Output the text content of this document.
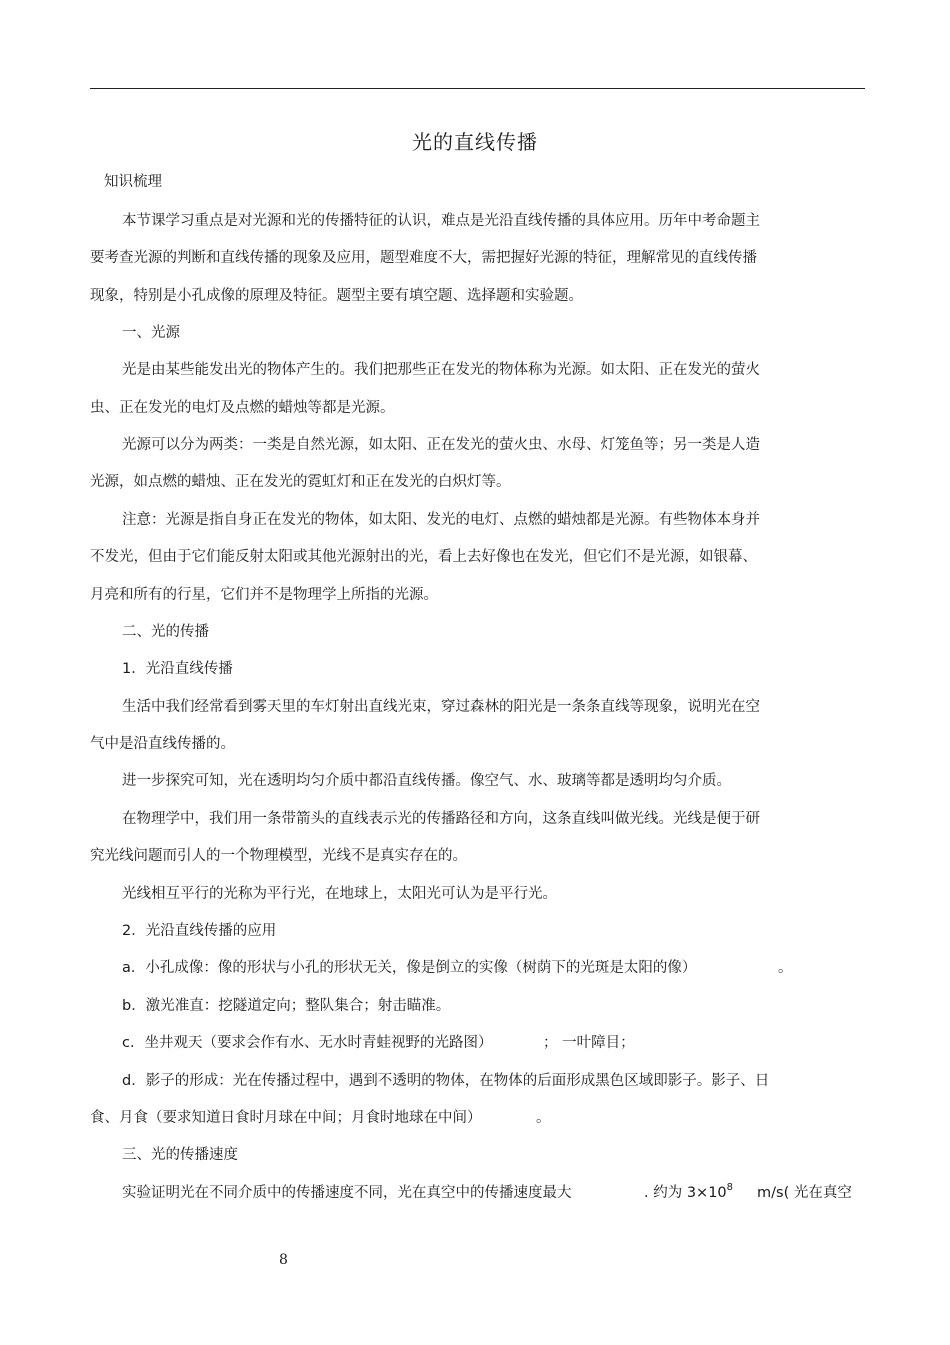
光的直线传播
知识梳理
本节课学习重点是对光源和光的传播特征的认识，难点是光沿直线传播的具体应用。历年中考命题主
要考查光源的判断和直线传播的现象及应用，题型难度不大，需把握好光源的特征，理解常见的直线传播
现象，特别是小孔成像的原理及特征。题型主要有填空题、选择题和实验题。
一、光源
光是由某些能发出光的物体产生的。我们把那些正在发光的物体称为光源。如太阳、正在发光的萤火
虫、正在发光的电灯及点燃的蜡烛等都是光源。
光源可以分为两类：一类是自然光源，如太阳、正在发光的萤火虫、水母、灯笼鱼等；另一类是人造
光源，如点燃的蜡烛、正在发光的霓虹灯和正在发光的白炽灯等。
注意：光源是指自身正在发光的物体，如太阳、发光的电灯、点燃的蜡烛都是光源。有些物体本身并
不发光，但由于它们能反射太阳或其他光源射出的光，看上去好像也在发光，但它们不是光源，如银幕、
月亮和所有的行星，它们并不是物理学上所指的光源。
二、光的传播
1．光沿直线传播
生活中我们经常看到雾天里的车灯射出直线光束，穿过森林的阳光是一条条直线等现象，说明光在空
气中是沿直线传播的。
进一步探究可知，光在透明均匀介质中都沿直线传播。像空气、水、玻璃等都是透明均匀介质。
在物理学中，我们用一条带箭头的直线表示光的传播路径和方向，这条直线叫做光线。光线是便于研
究光线问题而引人的一个物理模型，光线不是真实存在的。
光线相互平行的光称为平行光，在地球上，太阳光可认为是平行光。
2．光沿直线传播的应用
a．小孔成像：像的形状与小孔的形状无关，像是倒立的实像（树荫下的光斑是太阳的像）	。
b．激光准直：挖隧道定向；整队集合；射击瞄准。
c．坐井观天（要求会作有水、无水时青蛙视野的光路图）	； 一叶障目；
d．影子的形成：光在传播过程中，遇到不透明的物体，在物体的后面形成黑色区域即影子。影子、日
食、月食（要求知道日食时月球在中间；月食时地球在中间）	。
三、光的传播速度
实验证明光在不同介质中的传播速度不同，光在真空中的传播速度最大	. 约为 $3\times 10^8$ m/s( 光在真空
8
